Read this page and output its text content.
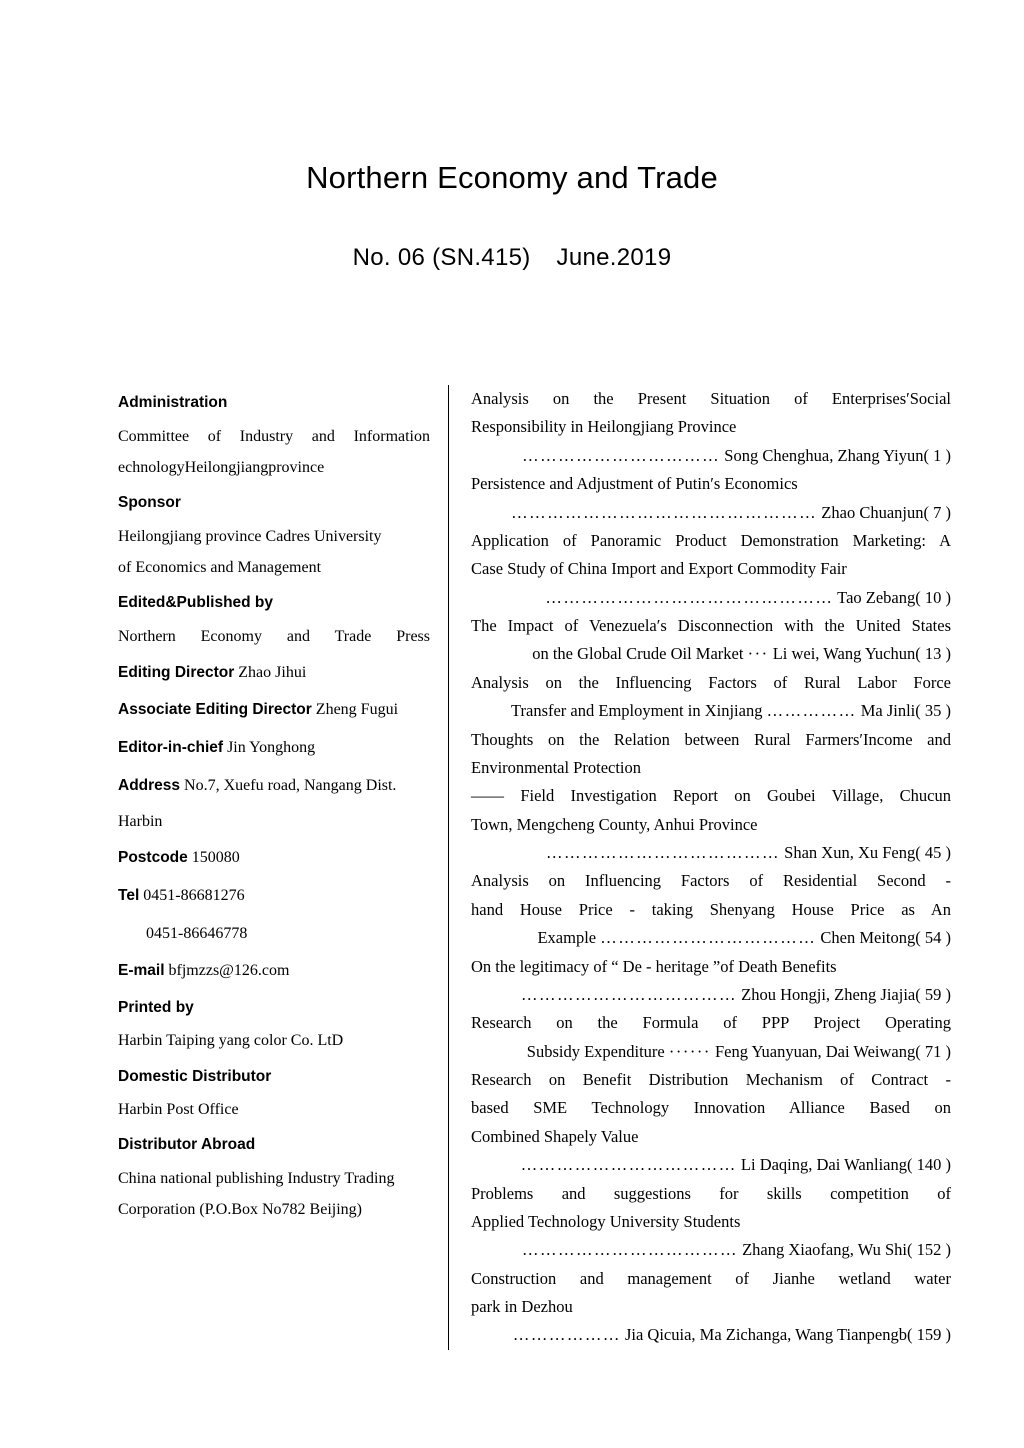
Northern Economy and Trade
No. 06 (SN.415) June.2019
Administration
Committee of Industry and Information
echnologyHeilongjiangprovince
Sponsor
Heilongjiang province Cadres University
of Economics and Management
Edited&Published by
Northern Economy and Trade Press
Editing Director Zhao Jihui
Associate Editing Director Zheng Fugui
Editor-in-chief Jin Yonghong
Address No.7, Xuefu road, Nangang Dist.
Harbin
Postcode 150080
Tel 0451-86681276
0451-86646778
E-mail bfjmzzs@126.com
Printed by
Harbin Taiping yang color Co. LtD
Domestic Distributor
Harbin Post Office
Distributor Abroad
China national publishing Industry Trading
Corporation (P.O.Box No782 Beijing)
Analysis on the Present Situation of Enterprises′Social
Responsibility in Heilongjiang Province
…………………………… Song Chenghua, Zhang Yiyun( 1 )
Persistence and Adjustment of Putin′s Economics
…………………………………………… Zhao Chuanjun( 7 )
Application of Panoramic Product Demonstration Marketing: A
Case Study of China Import and Export Commodity Fair
………………………………………… Tao Zebang( 10 )
The Impact of Venezuela′s Disconnection with the United States
on the Global Crude Oil Market ··· Li wei, Wang Yuchun( 13 )
Analysis on the Influencing Factors of Rural Labor Force
Transfer and Employment in Xinjiang …………… Ma Jinli( 35 )
Thoughts on the Relation between Rural Farmers′Income and
Environmental Protection
—— Field Investigation Report on Goubei Village, Chucun
Town, Mengcheng County, Anhui Province
………………………………… Shan Xun, Xu Feng( 45 )
Analysis on Influencing Factors of Residential Second -
hand House Price - taking Shenyang House Price as An
Example ……………………………… Chen Meitong( 54 )
On the legitimacy of “ De - heritage ”of Death Benefits
……………………………… Zhou Hongji, Zheng Jiajia( 59 )
Research on the Formula of PPP Project Operating
Subsidy Expenditure ······ Feng Yuanyuan, Dai Weiwang( 71 )
Research on Benefit Distribution Mechanism of Contract -
based SME Technology Innovation Alliance Based on
Combined Shapely Value
……………………………… Li Daqing, Dai Wanliang( 140 )
Problems and suggestions for skills competition of
Applied Technology University Students
……………………………… Zhang Xiaofang, Wu Shi( 152 )
Construction and management of Jianhe wetland water
park in Dezhou
……………… Jia Qicuia, Ma Zichanga, Wang Tianpengb( 159 )
